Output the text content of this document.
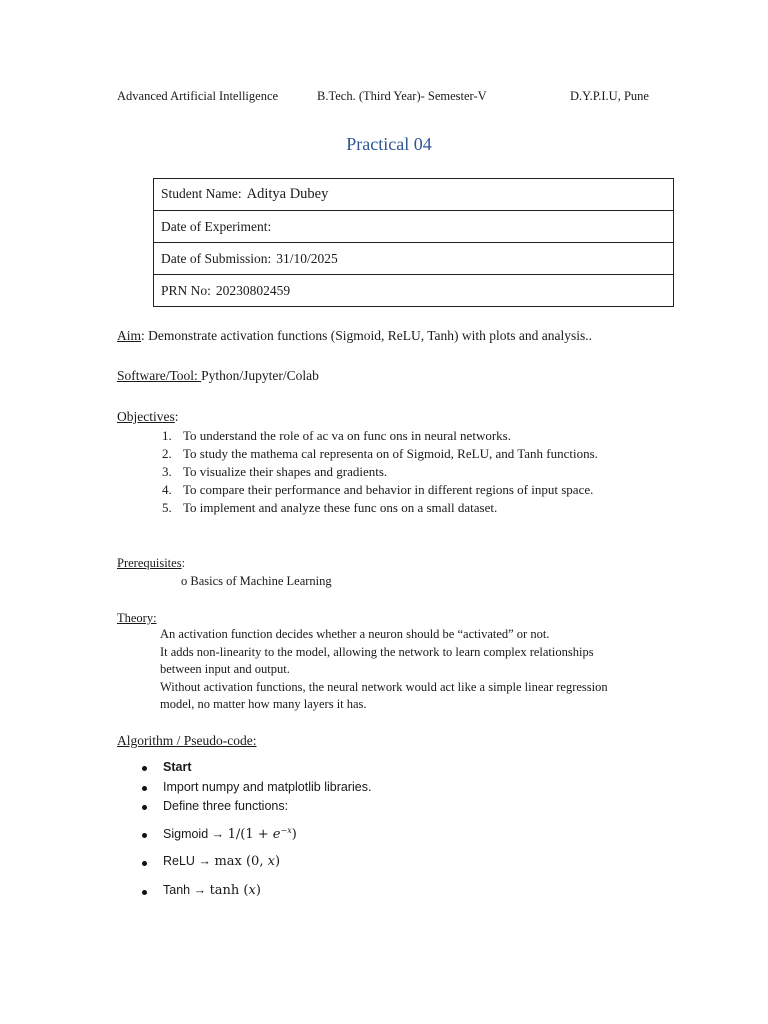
Advanced Artificial Intelligence	B.Tech. (Third Year)- Semester-V	D.Y.P.I.U, Pune
Practical 04
Student Name: Aditya Dubey
Date of Experiment:
Date of Submission: 31/10/2025
PRN No: 20230802459
Aim: Demonstrate activation functions (Sigmoid, ReLU, Tanh) with plots and analysis..
Software/Tool: Python/Jupyter/Colab
Objectives:
1. To understand the role of ac va on func ons in neural networks.
2. To study the mathema cal representa on of Sigmoid, ReLU, and Tanh functions.
3. To visualize their shapes and gradients.
4. To compare their performance and behavior in different regions of input space.
5. To implement and analyze these func ons on a small dataset.
Prerequisites:
o Basics of Machine Learning
Theory:
An activation function decides whether a neuron should be “activated” or not.
It adds non-linearity to the model, allowing the network to learn complex relationships
between input and output.
Without activation functions, the neural network would act like a simple linear regression
model, no matter how many layers it has.
Algorithm / Pseudo-code:
Start
Import numpy and matplotlib libraries.
Define three functions:
Sigmoid → $1/(1 + e^{-x})$
ReLU → max (0, x)
Tanh → tanh (x)
